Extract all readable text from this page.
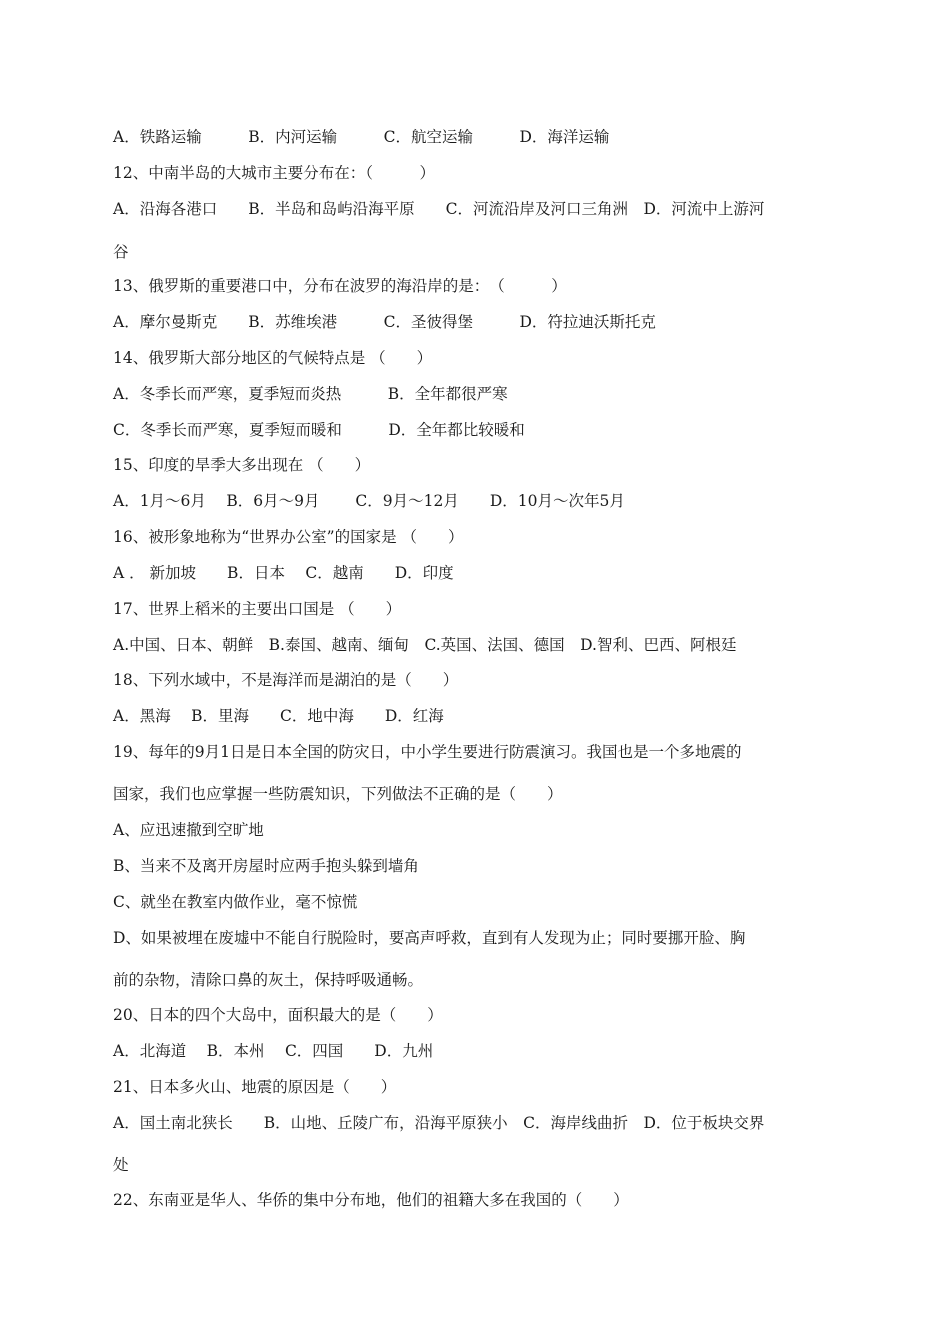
A．铁路运输　　　B．内河运输　　　C．航空运输　　　D．海洋运输
12、中南半岛的大城市主要分布在：（　　　）
A．沿海各港口　　B．半岛和岛屿沿海平原　　C．河流沿岸及河口三角洲　D．河流中上游河
谷
13、俄罗斯的重要港口中，分布在波罗的海沿岸的是：　（　　　）
A．摩尔曼斯克　　B．苏维埃港　　　C．圣彼得堡　　　D．符拉迪沃斯托克
14、俄罗斯大部分地区的气候特点是 （　　）
A．冬季长而严寒，夏季短而炎热　　　B．全年都很严寒
C．冬季长而严寒，夏季短而暖和　　　D．全年都比较暖和
15、印度的旱季大多出现在 （　　）
A．1月～6月　 B．6月～9月　　 C．9月～12月　　D．10月～次年5月
16、被形象地称为“世界办公室”的国家是 （　　）
A ． 新加坡　　B．日本　 C．越南　　D．印度
17、世界上稻米的主要出口国是 （　　）
A.中国、日本、朝鲜　B.泰国、越南、缅甸　C.英国、法国、德国　D.智利、巴西、阿根廷
18、下列水域中，不是海洋而是湖泊的是（　　）
A．黑海　 B．里海　　C．地中海　　D．红海
19、每年的9月1日是日本全国的防灾日，中小学生要进行防震演习。我国也是一个多地震的
国家，我们也应掌握一些防震知识，下列做法不正确的是（　　）
A、应迅速撤到空旷地
B、当来不及离开房屋时应两手抱头躲到墙角
C、就坐在教室内做作业，毫不惊慌
D、如果被埋在废墟中不能自行脱险时，要高声呼救，直到有人发现为止；同时要挪开脸、胸
前的杂物，清除口鼻的灰土，保持呼吸通畅。
20、日本的四个大岛中，面积最大的是（　　）
A．北海道　 B．本州　 C．四国　　D．九州
21、日本多火山、地震的原因是（　　）
A．国土南北狭长　　B．山地、丘陵广布，沿海平原狭小　C．海岸线曲折　D．位于板块交界
处
22、东南亚是华人、华侨的集中分布地，他们的祖籍大多在我国的（　　）
